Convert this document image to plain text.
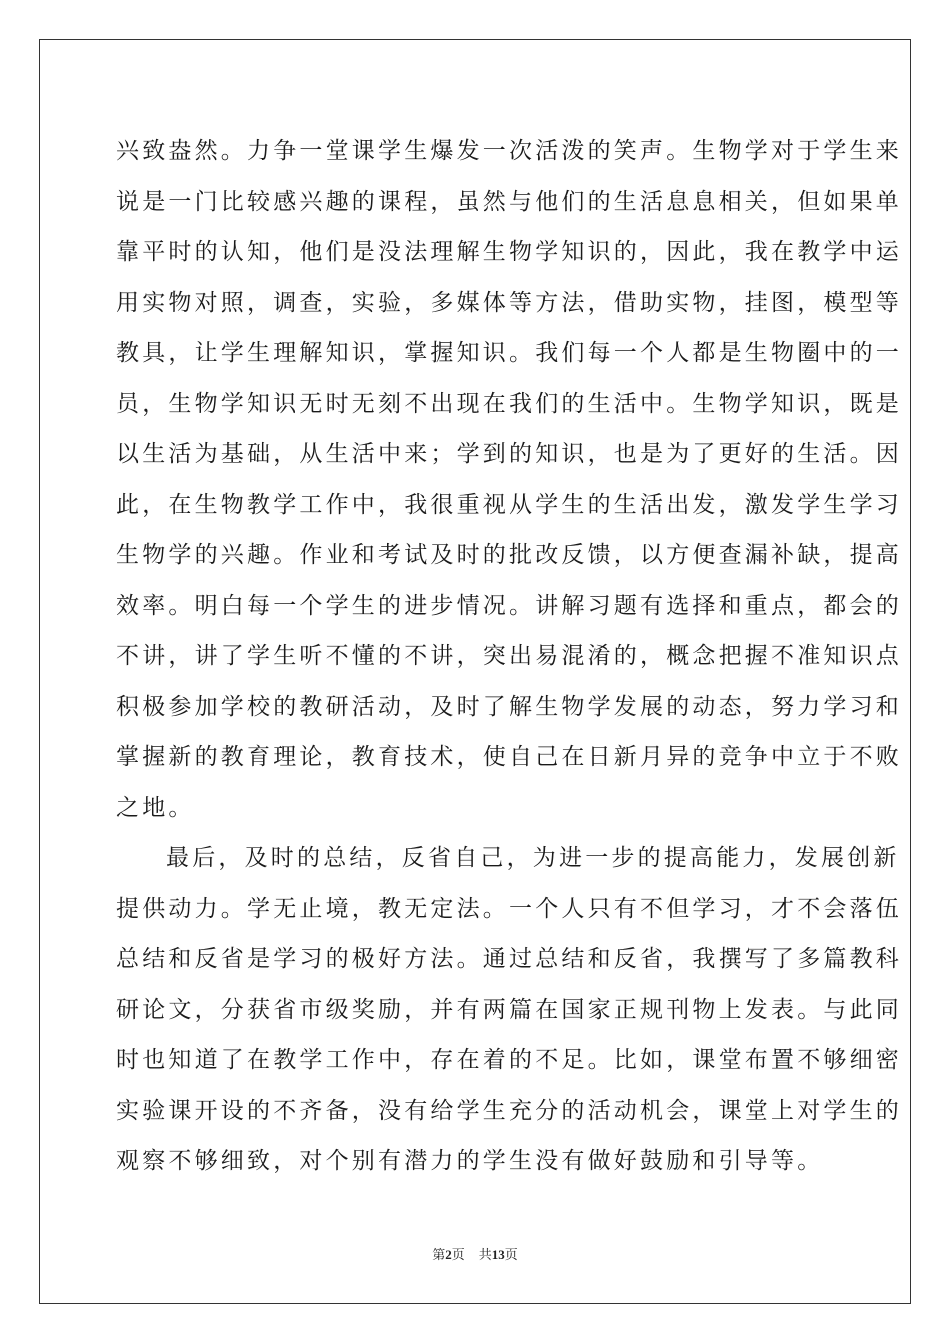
兴致盎然。力争一堂课学生爆发一次活泼的笑声。生物学对于学生来
说是一门比较感兴趣的课程，虽然与他们的生活息息相关，但如果单
靠平时的认知，他们是没法理解生物学知识的，因此，我在教学中运
用实物对照，调查，实验，多媒体等方法，借助实物，挂图，模型等
教具，让学生理解知识，掌握知识。我们每一个人都是生物圈中的一
员，生物学知识无时无刻不出现在我们的生活中。生物学知识，既是
以生活为基础，从生活中来；学到的知识，也是为了更好的生活。因
此，在生物教学工作中，我很重视从学生的生活出发，激发学生学习
生物学的兴趣。作业和考试及时的批改反馈，以方便查漏补缺，提高
效率。明白每一个学生的进步情况。讲解习题有选择和重点，都会的
不讲，讲了学生听不懂的不讲，突出易混淆的，概念把握不准知识点
积极参加学校的教研活动，及时了解生物学发展的动态，努力学习和
掌握新的教育理论，教育技术，使自己在日新月异的竞争中立于不败
之地。
最后，及时的总结，反省自己，为进一步的提高能力，发展创新
提供动力。学无止境，教无定法。一个人只有不但学习，才不会落伍
总结和反省是学习的极好方法。通过总结和反省，我撰写了多篇教科
研论文，分获省市级奖励，并有两篇在国家正规刊物上发表。与此同
时也知道了在教学工作中，存在着的不足。比如，课堂布置不够细密
实验课开设的不齐备，没有给学生充分的活动机会，课堂上对学生的
观察不够细致，对个别有潜力的学生没有做好鼓励和引导等。
第2页 共13页
